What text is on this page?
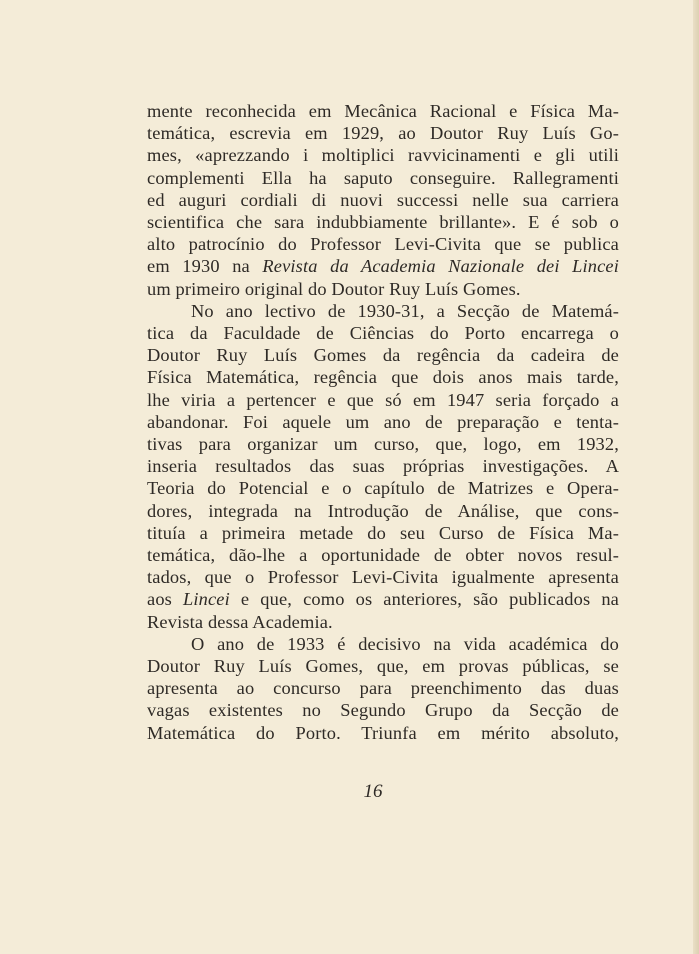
mente reconhecida em Mecânica Racional e Física Ma-
temática, escrevia em 1929, ao Doutor Ruy Luís Go-
mes, «aprezzando i moltiplici ravvicinamenti e gli utili
complementi Ella ha saputo conseguire. Rallegramenti
ed auguri cordiali di nuovi successi nelle sua carriera
scientifica che sara indubbiamente brillante». E é sob o
alto patrocínio do Professor Levi-Civita que se publica
em 1930 na Revista da Academia Nazionale dei Lincei
um primeiro original do Doutor Ruy Luís Gomes.
No ano lectivo de 1930-31, a Secção de Matemá-
tica da Faculdade de Ciências do Porto encarrega o
Doutor Ruy Luís Gomes da regência da cadeira de
Física Matemática, regência que dois anos mais tarde,
lhe viria a pertencer e que só em 1947 seria forçado a
abandonar. Foi aquele um ano de preparação e tenta-
tivas para organizar um curso, que, logo, em 1932,
inseria resultados das suas próprias investigações. A
Teoria do Potencial e o capítulo de Matrizes e Opera-
dores, integrada na Introdução de Análise, que cons-
tituía a primeira metade do seu Curso de Física Ma-
temática, dão-lhe a oportunidade de obter novos resul-
tados, que o Professor Levi-Civita igualmente apresenta
aos Lincei e que, como os anteriores, são publicados na
Revista dessa Academia.
O ano de 1933 é decisivo na vida académica do
Doutor Ruy Luís Gomes, que, em provas públicas, se
apresenta ao concurso para preenchimento das duas
vagas existentes no Segundo Grupo da Secção de
Matemática do Porto. Triunfa em mérito absoluto,
16
